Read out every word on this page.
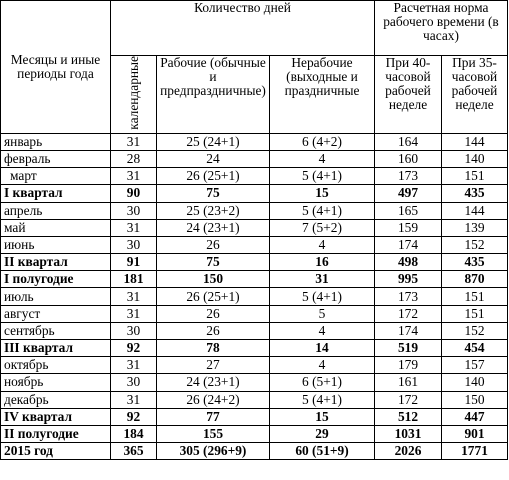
Месяцы и иные периоды года	Количество дней			Расчетная норма рабочего времени (в часах)	
	календарные	Рабочие (обычные и предпраздничные)	Нерабочие (выходные и праздничные	При 40-часовой рабочей неделе	При 35-часовой рабочей неделе
январь	31	25 (24+1)	6 (4+2)	164	144
февраль	28	24	4	160	140
март	31	26 (25+1)	5 (4+1)	173	151
I квартал	90	75	15	497	435
апрель	30	25 (23+2)	5 (4+1)	165	144
май	31	24 (23+1)	7 (5+2)	159	139
июнь	30	26	4	174	152
II квартал	91	75	16	498	435
I полугодие	181	150	31	995	870
июль	31	26 (25+1)	5 (4+1)	173	151
август	31	26	5	172	151
сентябрь	30	26	4	174	152
III квартал	92	78	14	519	454
октябрь	31	27	4	179	157
ноябрь	30	24 (23+1)	6 (5+1)	161	140
декабрь	31	26 (24+2)	5 (4+1)	172	150
IV квартал	92	77	15	512	447
II полугодие	184	155	29	1031	901
2015 год	365	305 (296+9)	60 (51+9)	2026	1771
